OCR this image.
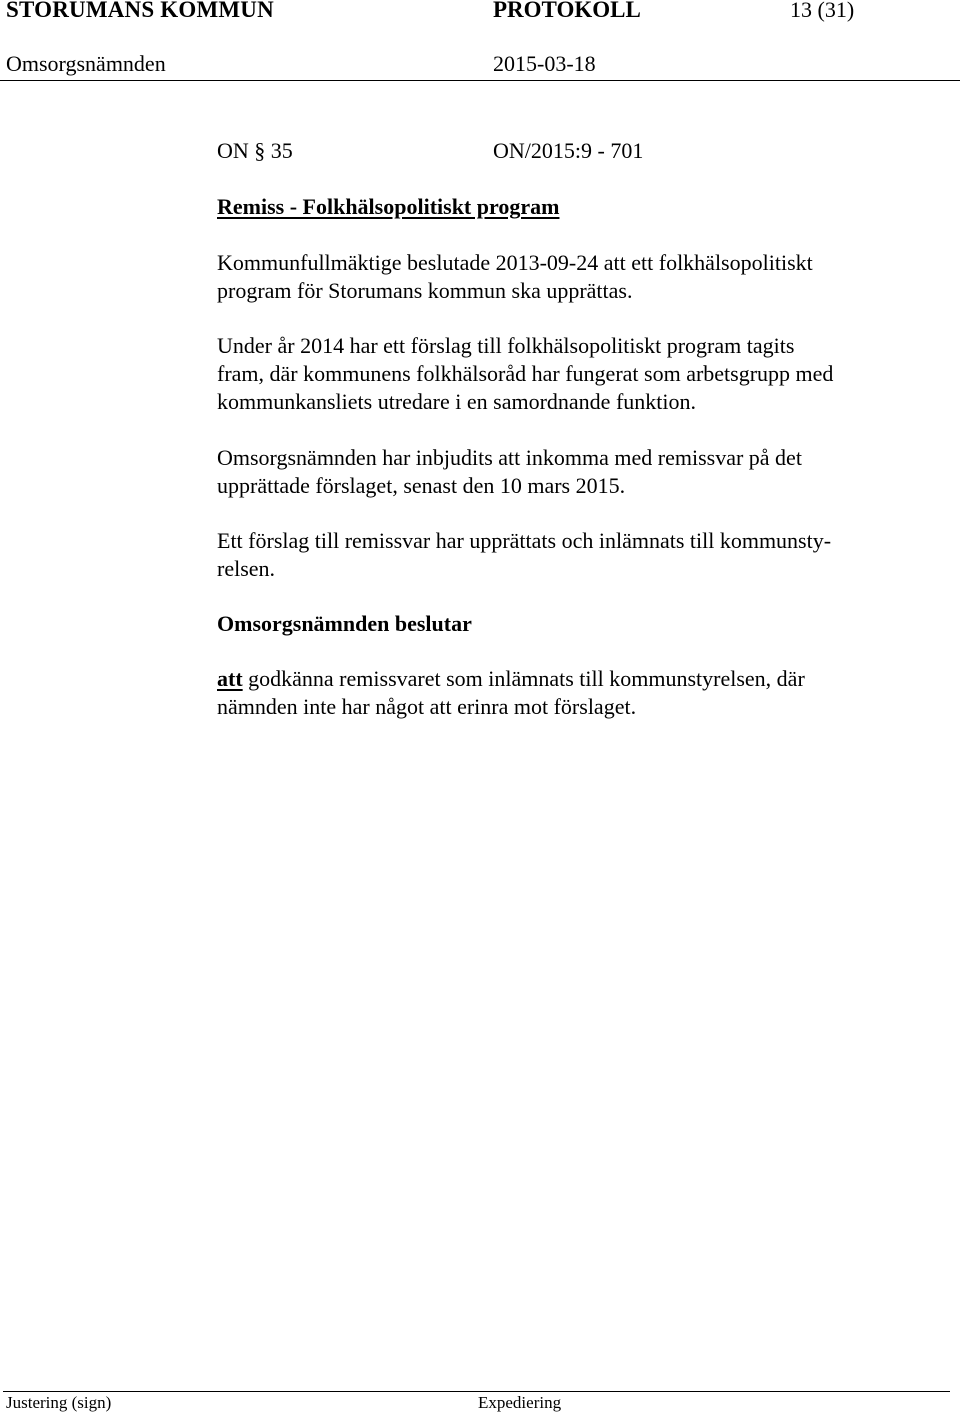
STORUMANS KOMMUN	PROTOKOLL	13 (31)
Omsorgsnämnden	2015-03-18
ON § 35	ON/2015:9 - 701
Remiss - Folkhälsopolitiskt program
Kommunfullmäktige beslutade 2013-09-24 att ett folkhälsopolitiskt
program för Storumans kommun ska upprättas.
Under år 2014 har ett förslag till folkhälsopolitiskt program tagits
fram, där kommunens folkhälsoråd har fungerat som arbetsgrupp med
kommunkansliets utredare i en samordnande funktion.
Omsorgsnämnden har inbjudits att inkomma med remissvar på det
upprättade förslaget, senast den 10 mars 2015.
Ett förslag till remissvar har upprättats och inlämnats till kommunsty-
relsen.
Omsorgsnämnden beslutar
att godkänna remissvaret som inlämnats till kommunstyrelsen, där
nämnden inte har något att erinra mot förslaget.
Justering (sign)	Expediering
